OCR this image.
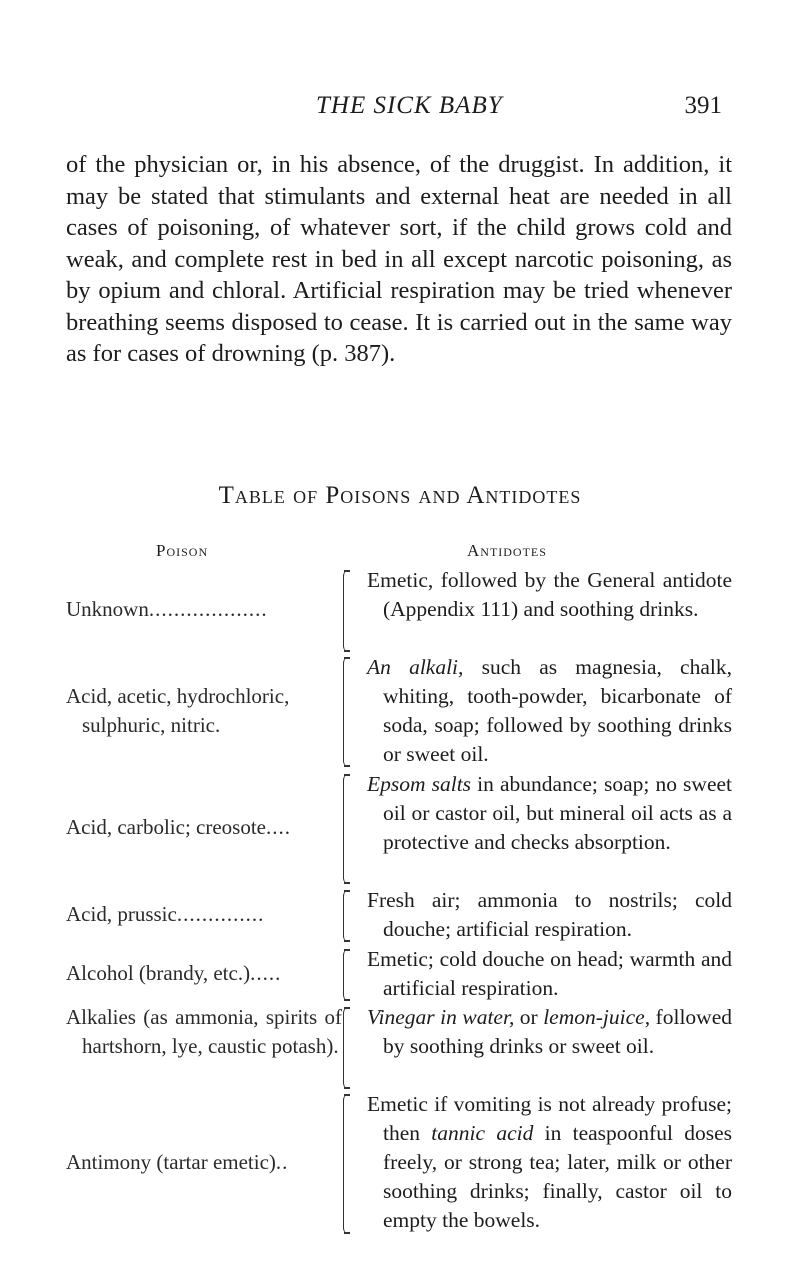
THE SICK BABY	391

of the physician or, in his absence, of the druggist. In addition, it may be stated that stimulants and external heat are needed in all cases of poisoning, of whatever sort, if the child grows cold and weak, and complete rest in bed in all except narcotic poisoning, as by opium and chloral. Artificial respiration may be tried whenever breathing seems disposed to cease. It is carried out in the same way as for cases of drowning (p. 387).

Table of Poisons and Antidotes
Poison	Antidotes
Unknown...................
Emetic, followed by the General antidote (Appendix 111) and soothing drinks.
Acid, acetic, hydrochloric, sulphuric, nitric.
An alkali, such as magnesia, chalk, whiting, tooth-powder, bicarbonate of soda, soap; followed by soothing drinks or sweet oil.
Acid, carbolic; creosote....
Epsom salts in abundance; soap; no sweet oil or castor oil, but mineral oil acts as a protective and checks absorption.
Acid, prussic..............
Fresh air; ammonia to nostrils; cold douche; artificial respiration.
Alcohol (brandy, etc.).....
Emetic; cold douche on head; warmth and artificial respiration.
Alkalies (as ammonia, spirits of hartshorn, lye, caustic potash).
Vinegar in water, or lemon-juice, followed by soothing drinks or sweet oil.
Antimony (tartar emetic)..
Emetic if vomiting is not already profuse; then tannic acid in teaspoonful doses freely, or strong tea; later, milk or other soothing drinks; finally, castor oil to empty the bowels.
